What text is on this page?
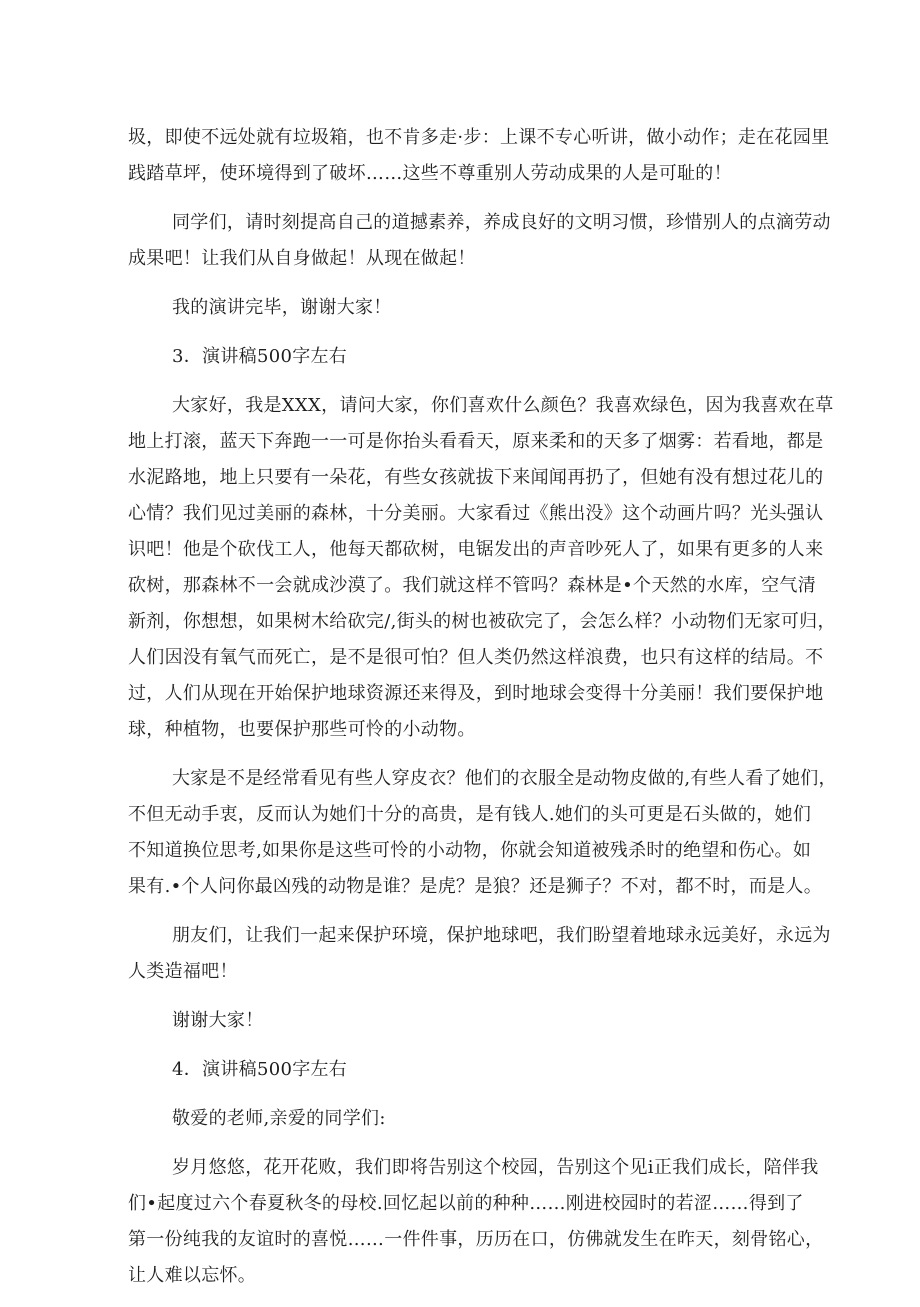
圾，即使不远处就有垃圾箱，也不肯多走·步：上课不专心听讲，做小动作；走在花园里
践踏草坪，使环境得到了破坏……这些不尊重别人劳动成果的人是可耻的！
同学们，请时刻提高自己的道撼素养，养成良好的文明习惯，珍惜别人的点滴劳动
成果吧！让我们从自身做起！从现在做起！
我的演讲完毕，谢谢大家！
3．演讲稿500字左右
大家好，我是XXX，请问大家，你们喜欢什么颜色？我喜欢绿色，因为我喜欢在草
地上打滚，蓝天下奔跑一一可是你抬头看看天，原来柔和的天多了烟雾：若看地，都是
水泥路地，地上只要有一朵花，有些女孩就拔下来闻闻再扔了，但她有没有想过花儿的
心情？我们见过美丽的森林，十分美丽。大家看过《熊出没》这个动画片吗？光头强认
识吧！他是个砍伐工人，他每天都砍树，电锯发出的声音吵死人了，如果有更多的人来
砍树，那森林不一会就成沙漠了。我们就这样不管吗？森林是•个天然的水库，空气清
新剂，你想想，如果树木给砍完/,街头的树也被砍完了，会怎么样？小动物们无家可归，
人们因没有氧气而死亡，是不是很可怕？但人类仍然这样浪费，也只有这样的结局。不
过，人们从现在开始保护地球资源还来得及，到时地球会变得十分美丽！我们要保护地
球，种植物，也要保护那些可怜的小动物。
大家是不是经常看见有些人穿皮衣？他们的衣服全是动物皮做的,有些人看了她们，
不但无动手衷，反而认为她们十分的高贵，是有钱人.她们的头可更是石头做的，她们
不知道换位思考,如果你是这些可怜的小动物，你就会知道被残杀时的绝望和伤心。如
果有.•个人问你最凶残的动物是谁？是虎？是狼？还是狮子？不对，都不时，而是人。
朋友们，让我们一起来保护环境，保护地球吧，我们盼望着地球永远美好，永远为
人类造福吧！
谢谢大家！
4．演讲稿500字左右
敬爱的老师,亲爱的同学们:
岁月悠悠，花开花败，我们即将告别这个校园，告别这个见i正我们成长，陪伴我
们•起度过六个春夏秋冬的母校.回忆起以前的种种……刚进校园时的若涩……得到了
第一份纯我的友谊时的喜悦……一件件事，历历在口，仿佛就发生在昨天，刻骨铭心，
让人难以忘怀。
